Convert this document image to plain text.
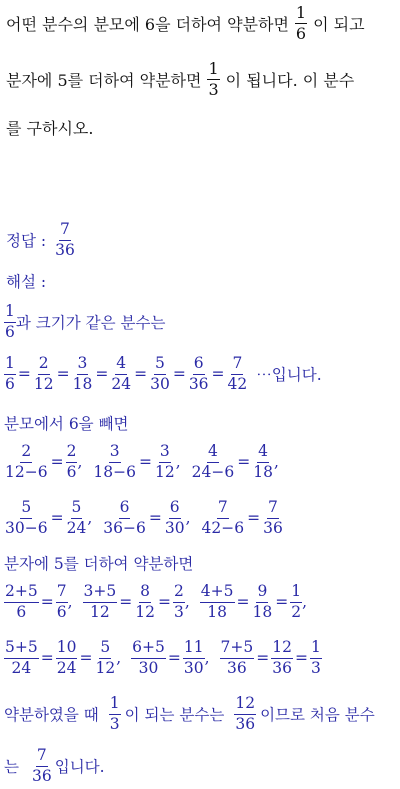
어떤 분수의 분모에 6을 더하여 약분하면 $\frac{1}{6}$ 이 되고
분자에 5를 더하여 약분하면 $\frac{1}{3}$ 이 됩니다. 이 분수
를 구하시오.
정답 : $\frac{7}{36}$
해설 :
$\frac{1}{6}$ 과 크기가 같은 분수는
$\frac{1}{6} = \frac{2}{12} = \frac{3}{18} = \frac{4}{24} = \frac{5}{30} = \frac{6}{36} = \frac{7}{42}$ ⋯입니다.
분모에서 6을 빼면
$\frac{2}{12-6} = \frac{2}{6}$ , $\frac{3}{18-6} = \frac{3}{12}$ , $\frac{4}{24-6} = \frac{4}{18}$ ,
$\frac{5}{30-6} = \frac{5}{24}$ , $\frac{6}{36-6} = \frac{6}{30}$ , $\frac{7}{42-6} = \frac{7}{36}$
분자에 5를 더하여 약분하면
$\frac{2+5}{6} = \frac{7}{6}$ , $\frac{3+5}{12} = \frac{8}{12} = \frac{2}{3}$ , $\frac{4+5}{18} = \frac{9}{18} = \frac{1}{2}$ ,
$\frac{5+5}{24} = \frac{10}{24} = \frac{5}{12}$ , $\frac{6+5}{30} = \frac{11}{30}$ , $\frac{7+5}{36} = \frac{12}{36} = \frac{1}{3}$
약분하였을 때 $\frac{1}{3}$ 이 되는 분수는 $\frac{12}{36}$ 이므로 처음 분수
는 $\frac{7}{36}$ 입니다.
